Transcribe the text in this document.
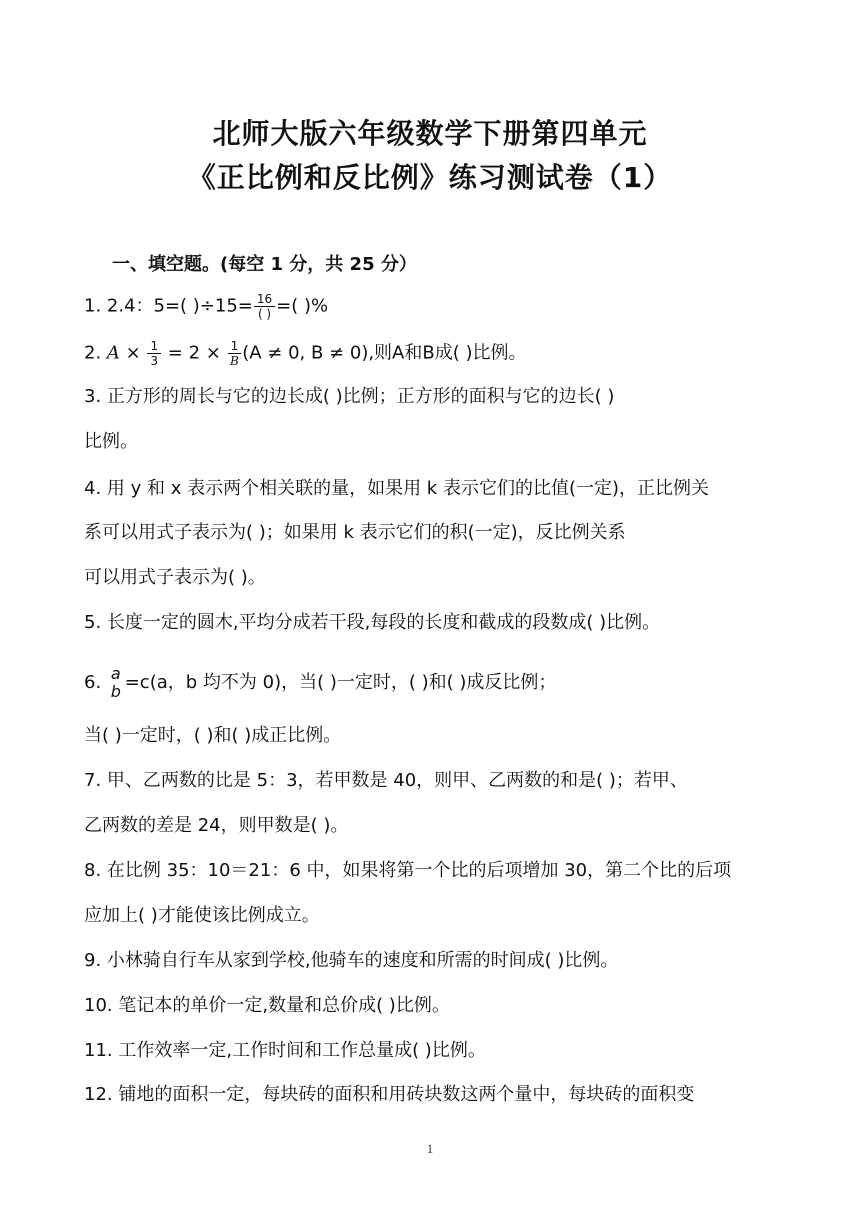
北师大版六年级数学下册第四单元
《正比例和反比例》练习测试卷（1）
一、填空题。(每空 1 分，共 25 分）
1. 2.4：5=( )$\div 15= \frac{16}{( )}$ =( )%
2. $A \times \frac{1}{3} = 2 \times \frac{1}{B} (A \ne 0$, B ≠ 0),则A和B成( )比例。
3. 正方形的周长与它的边长成( )比例；正方形的面积与它的边长( )
比例。
4. 用 y 和 x 表示两个相关联的量，如果用 k 表示它们的比值(一定)，正比例关
系可以用式子表示为( )；如果用 k 表示它们的积(一定)，反比例关系
可以用式子表示为( )。
5. 长度一定的圆木,平均分成若干段,每段的长度和截成的段数成( )比例。
6. a
b =c(a，b 均不为 0)，当( )一定时，( )和( )成反比例；
当( )一定时，( )和( )成正比例。
7. 甲、乙两数的比是 5：3，若甲数是 40，则甲、乙两数的和是( )；若甲、
乙两数的差是 24，则甲数是( )。
8. 在比例 35：10＝21：6 中，如果将第一个比的后项增加 30，第二个比的后项
应加上( )才能使该比例成立。
9. 小林骑自行车从家到学校,他骑车的速度和所需的时间成( )比例。
10. 笔记本的单价一定,数量和总价成( )比例。
11. 工作效率一定,工作时间和工作总量成( )比例。
12. 铺地的面积一定，每块砖的面积和用砖块数这两个量中，每块砖的面积变
1
